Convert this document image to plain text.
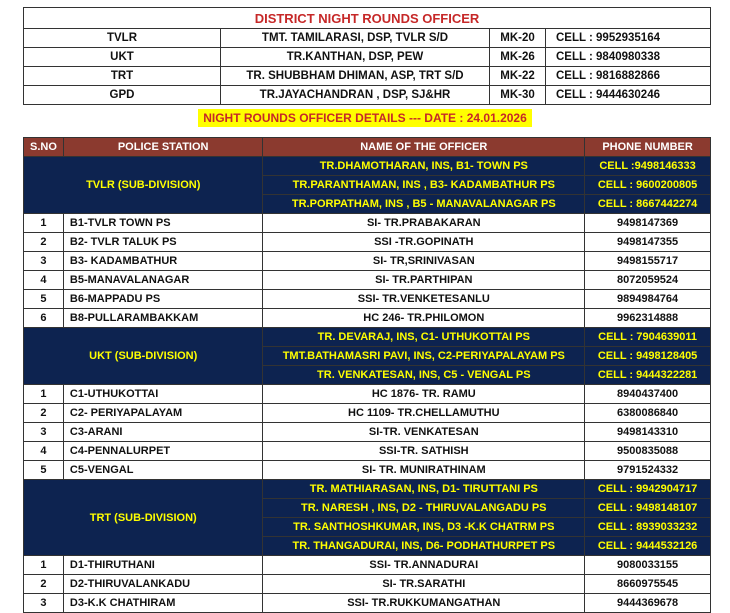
DISTRICT NIGHT ROUNDS OFFICER			
TVLR	TMT. TAMILARASI, DSP, TVLR S/D	MK-20	CELL : 9952935164
UKT	TR.KANTHAN, DSP, PEW	MK-26	CELL : 9840980338
TRT	TR. SHUBBHAM DHIMAN, ASP, TRT S/D	MK-22	CELL : 9816882866
GPD	TR.JAYACHANDRAN , DSP, SJ&HR	MK-30	CELL : 9444630246
NIGHT ROUNDS OFFICER DETAILS --- DATE : 24.01.2026
S.NO	POLICE STATION	NAME OF THE OFFICER	PHONE NUMBER
TVLR (SUB-DIVISION)		TR.DHAMOTHARAN, INS, B1- TOWN PS	CELL :9498146333
		TR.PARANTHAMAN, INS , B3- KADAMBATHUR PS	CELL : 9600200805
		TR.PORPATHAM, INS , B5 - MANAVALANAGAR PS	CELL : 8667442274
1	B1-TVLR TOWN PS	SI- TR.PRABAKARAN	9498147369
2	B2- TVLR TALUK PS	SSI -TR.GOPINATH	9498147355
3	B3- KADAMBATHUR	SI- TR,SRINIVASAN	9498155717
4	B5-MANAVALANAGAR	SI- TR.PARTHIPAN	8072059524
5	B6-MAPPADU PS	SSI- TR.VENKETESANLU	9894984764
6	B8-PULLARAMBAKKAM	HC 246- TR.PHILOMON	9962314888
UKT (SUB-DIVISION)		TR. DEVARAJ, INS, C1- UTHUKOTTAI PS	CELL : 7904639011
		TMT.BATHAMASRI PAVI, INS, C2-PERIYAPALAYAM PS	CELL : 9498128405
		TR. VENKATESAN, INS, C5 - VENGAL PS	CELL : 9444322281
1	C1-UTHUKOTTAI	HC 1876- TR. RAMU	8940437400
2	C2- PERIYAPALAYAM	HC 1109- TR.CHELLAMUTHU	6380086840
3	C3-ARANI	SI-TR. VENKATESAN	9498143310
4	C4-PENNALURPET	SSI-TR. SATHISH	9500835088
5	C5-VENGAL	SI- TR. MUNIRATHINAM	9791524332
TRT (SUB-DIVISION)		TR. MATHIARASAN, INS, D1- TIRUTTANI PS	CELL : 9942904717
		TR. NARESH , INS, D2 - THIRUVALANGADU PS	CELL : 9498148107
		TR. SANTHOSHKUMAR, INS, D3 -K.K CHATRM PS	CELL : 8939033232
		TR. THANGADURAI, INS, D6- PODHATHURPET PS	CELL : 9444532126
1	D1-THIRUTHANI	SSI- TR.ANNADURAI	9080033155
2	D2-THIRUVALANKADU	SI- TR.SARATHI	8660975545
3	D3-K.K CHATHIRAM	SSI- TR.RUKKUMANGATHAN	9444369678
